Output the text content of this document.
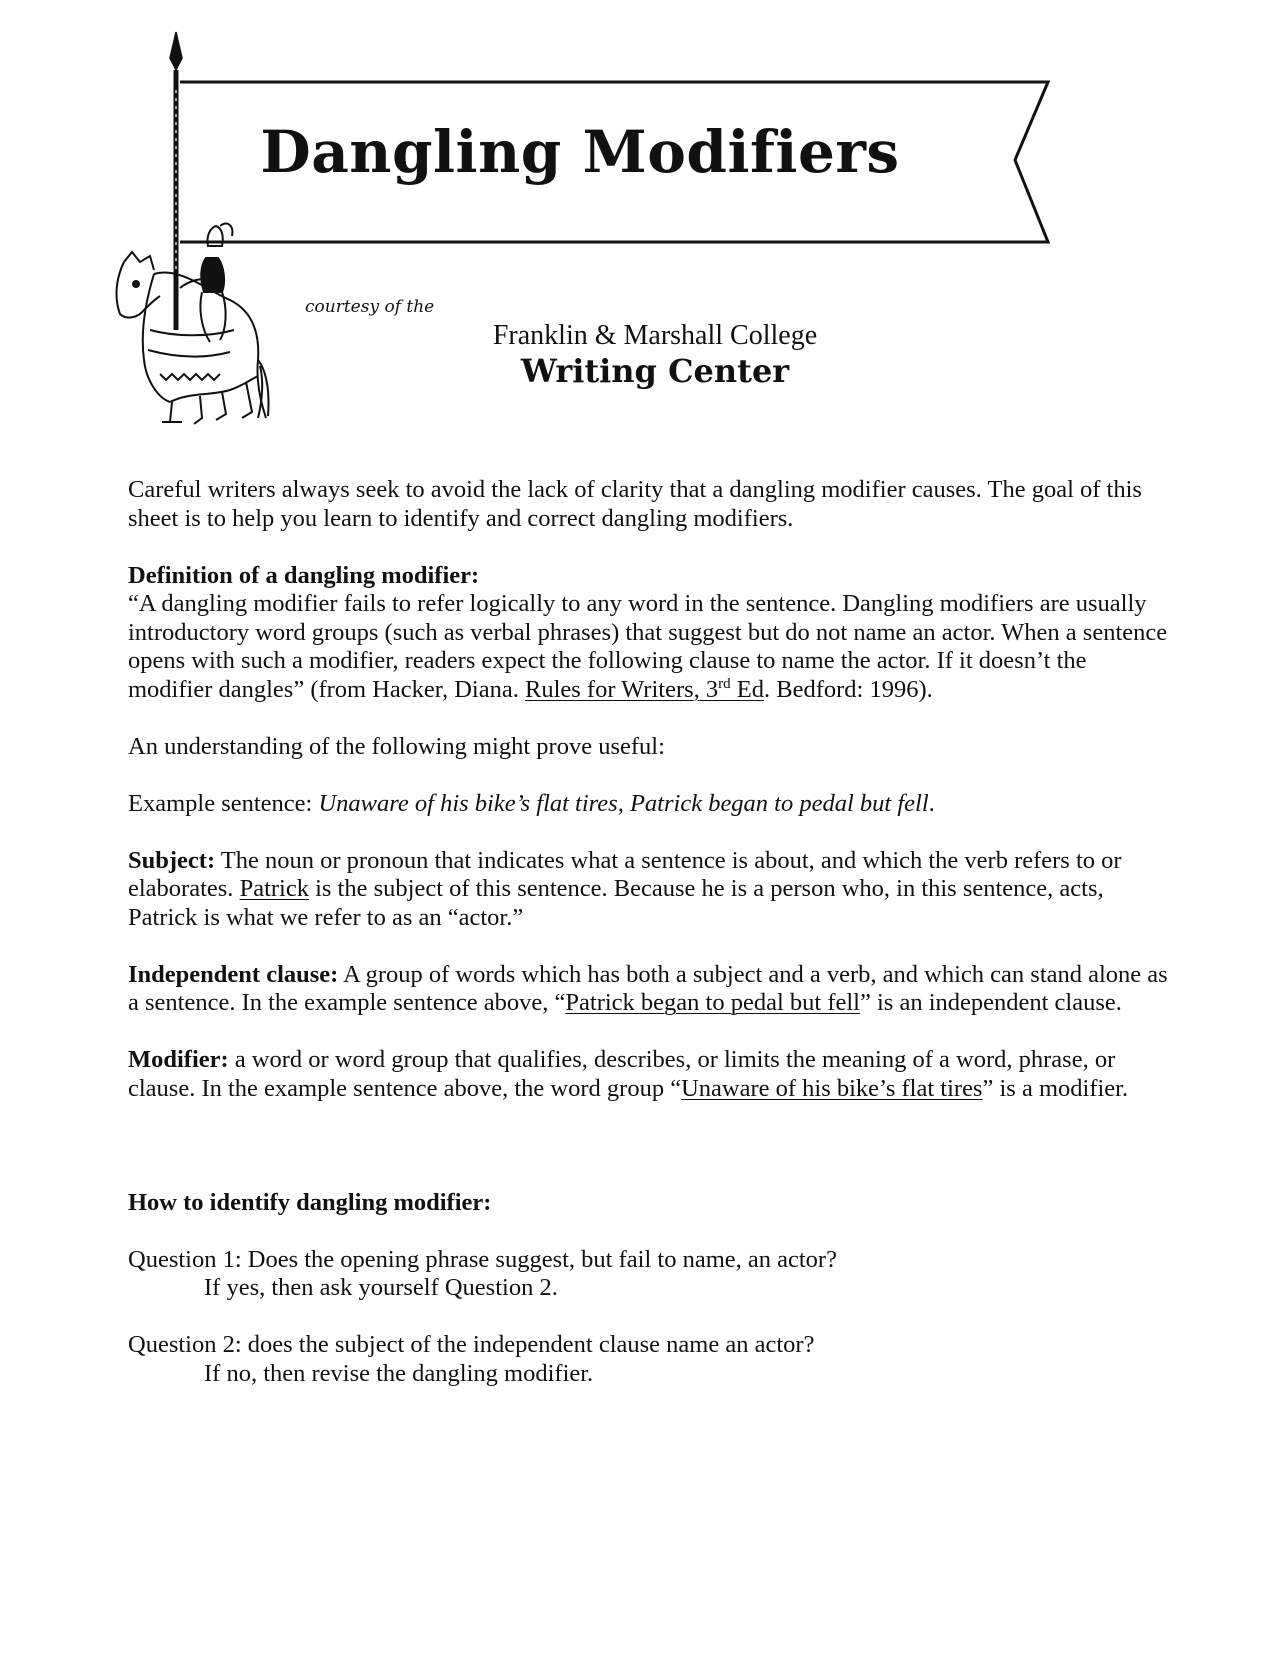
Dangling Modifiers
courtesy of the
Franklin & Marshall College
Writing Center

Careful writers always seek to avoid the lack of clarity that a dangling modifier causes. The goal of this sheet is to help you learn to identify and correct dangling modifiers.

Definition of a dangling modifier:
“A dangling modifier fails to refer logically to any word in the sentence. Dangling modifiers are usually introductory word groups (such as verbal phrases) that suggest but do not name an actor. When a sentence opens with such a modifier, readers expect the following clause to name the actor. If it doesn’t the modifier dangles” (from Hacker, Diana. Rules for Writers, 3rd Ed. Bedford: 1996).

An understanding of the following might prove useful:

Example sentence: Unaware of his bike’s flat tires, Patrick began to pedal but fell.

Subject: The noun or pronoun that indicates what a sentence is about, and which the verb refers to or elaborates. Patrick is the subject of this sentence. Because he is a person who, in this sentence, acts, Patrick is what we refer to as an “actor.”

Independent clause: A group of words which has both a subject and a verb, and which can stand alone as a sentence. In the example sentence above, “Patrick began to pedal but fell” is an independent clause.

Modifier: a word or word group that qualifies, describes, or limits the meaning of a word, phrase, or clause. In the example sentence above, the word group “Unaware of his bike’s flat tires” is a modifier.

How to identify dangling modifier:

Question 1: Does the opening phrase suggest, but fail to name, an actor?
If yes, then ask yourself Question 2.

Question 2: does the subject of the independent clause name an actor?
If no, then revise the dangling modifier.
